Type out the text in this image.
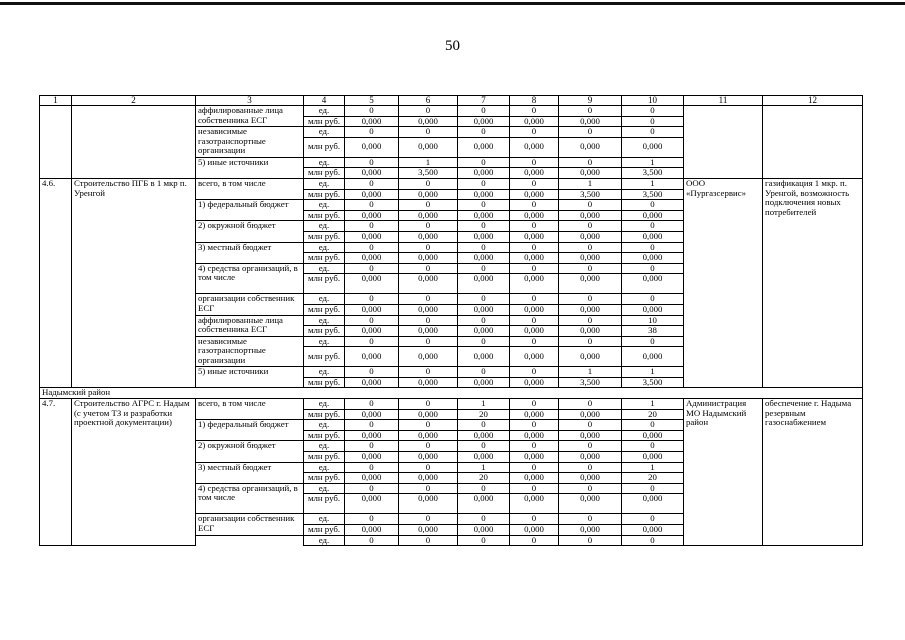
50
1	2	3	4	5	6	7	8	9	10	11	12
		аффилированные лица собственника ЕСГ	ед.	0	0	0	0	0	0		
			млн руб.	0,000	0,000	0,000	0,000	0,000	0		
		независимые газотранспортные организации	ед.	0	0	0	0	0	0		
			млн руб.	0,000	0,000	0,000	0,000	0,000	0,000		
		5) иные источники	ед.	0	1	0	0	0	1		
			млн руб.	0,000	3,500	0,000	0,000	0,000	3,500		

4.6.	Строительство ПГБ в 1 мкр п. Уренгой	всего, в том числе	ед.	0	0	0	0	1	1	ООО «Пургазсервис»	газификация 1 мкр. п. Уренгой, возможность подключения новых потребителей
			млн руб.	0,000	0,000	0,000	0,000	3,500	3,500		
		1) федеральный бюджет	ед.	0	0	0	0	0	0		
			млн руб.	0,000	0,000	0,000	0,000	0,000	0,000		
		2) окружной бюджет	ед.	0	0	0	0	0	0		
			млн руб.	0,000	0,000	0,000	0,000	0,000	0,000		
		3) местный бюджет	ед.	0	0	0	0	0	0		
			млн руб.	0,000	0,000	0,000	0,000	0,000	0,000		
		4) средства организаций, в том числе	ед.	0	0	0	0	0	0		
			млн руб.	0,000	0,000	0,000	0,000	0,000	0,000		
		организации собственник ЕСГ	ед.	0	0	0	0	0	0		
			млн руб.	0,000	0,000	0,000	0,000	0,000	0,000		
		аффилированные лица собственника ЕСГ	ед.	0	0	0	0	0	10		
			млн руб.	0,000	0,000	0,000	0,000	0,000	38		
		независимые газотранспортные организации	ед.	0	0	0	0	0	0		
			млн руб.	0,000	0,000	0,000	0,000	0,000	0,000		
		5) иные источники	ед.	0	0	0	0	1	1		
			млн руб.	0,000	0,000	0,000	0,000	3,500	3,500		
Надымский район											
4.7.	Строительство АГРС г. Надым (с учетом ТЗ и разработки проектной документации)	всего, в том числе	ед.	0	0	1	0	0	1	Администрация МО Надымский район	обеспечение г. Надыма резервным газоснабжением
			млн руб.	0,000	0,000	20	0,000	0,000	20		
		1) федеральный бюджет	ед.	0	0	0	0	0	0		
			млн руб.	0,000	0,000	0,000	0,000	0,000	0,000		
		2) окружной бюджет	ед.	0	0	0	0	0	0		
			млн руб.	0,000	0,000	0,000	0,000	0,000	0,000		
		3) местный бюджет	ед.	0	0	1	0	0	1		
			млн руб.	0,000	0,000	20	0,000	0,000	20		
		4) средства организаций, в том числе	ед.	0	0	0	0	0	0		
			млн руб.	0,000	0,000	0,000	0,000	0,000	0,000		
		организации собственник ЕСГ	ед.	0	0	0	0	0	0		
			млн руб.	0,000	0,000	0,000	0,000	0,000	0,000		
			ед.	0	0	0	0	0	0		
